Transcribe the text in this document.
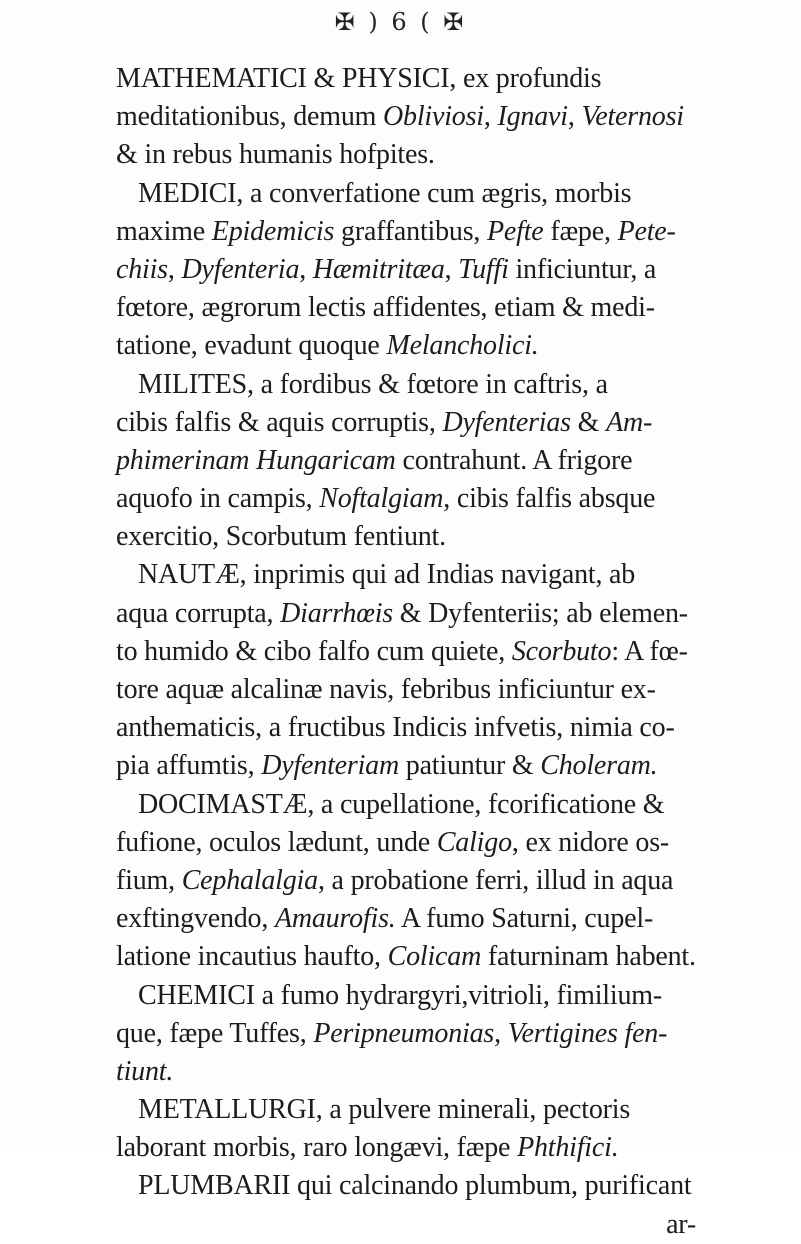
✠ ) 6 ( ✠
MATHEMATICI & PHYSICI, ex profundis
meditationibus, demum Obliviosi, Ignavi, Veternosi
& in rebus humanis hofpites.
MEDICI, a converfatione cum ægris, morbis
maxime Epidemicis graffantibus, Pefte fæpe, Pete-
chiis, Dyfenteria, Hæmitritæa, Tuffi inficiuntur, a
fœtore, ægrorum lectis affidentes, etiam & medi-
tatione, evadunt quoque Melancholici.
MILITES, a fordibus & fœtore in caftris, a
cibis falfis & aquis corruptis, Dyfenterias & Am-
phimerinam Hungaricam contrahunt. A frigore
aquofo in campis, Noftalgiam, cibis falfis absque
exercitio, Scorbutum fentiunt.
NAUTÆ, inprimis qui ad Indias navigant, ab
aqua corrupta, Diarrhœis & Dyfenteriis; ab elemen-
to humido & cibo falfo cum quiete, Scorbuto: A fœ-
tore aquæ alcalinæ navis, febribus inficiuntur ex-
anthematicis, a fructibus Indicis infvetis, nimia co-
pia affumtis, Dyfenteriam patiuntur & Choleram.
DOCIMASTÆ, a cupellatione, fcorificatione &
fufione, oculos lædunt, unde Caligo, ex nidore os-
fium, Cephalalgia, a probatione ferri, illud in aqua
exftingvendo, Amaurofis. A fumo Saturni, cupel-
latione incautius haufto, Colicam faturninam habent.
CHEMICI a fumo hydrargyri,vitrioli, fimilium-
que, fæpe Tuffes, Peripneumonias, Vertigines fen-
tiunt.
METALLURGI, a pulvere minerali, pectoris
laborant morbis, raro longævi, fæpe Phthifici.
PLUMBARII qui calcinando plumbum, purificant
ar-
